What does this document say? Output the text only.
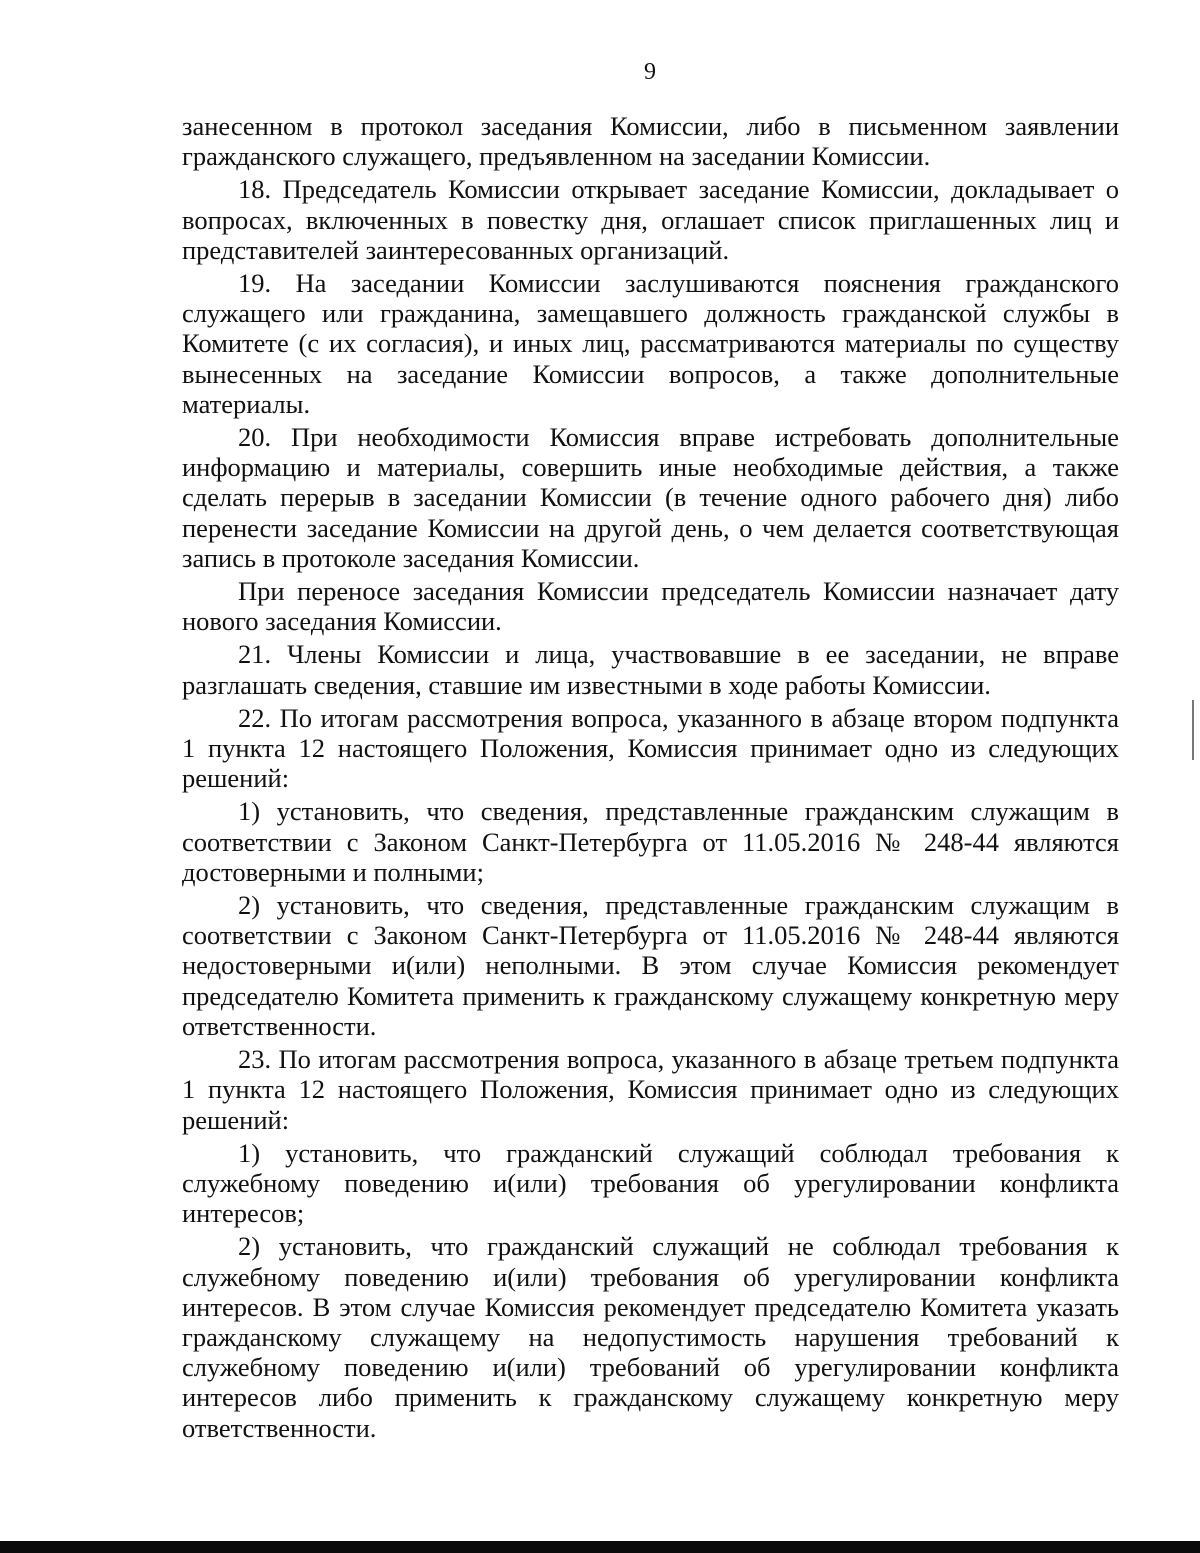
9

занесенном в протокол заседания Комиссии, либо в письменном заявлении гражданского служащего, предъявленном на заседании Комиссии.

18. Председатель Комиссии открывает заседание Комиссии, докладывает о вопросах, включенных в повестку дня, оглашает список приглашенных лиц и представителей заинтересованных организаций.

19. На заседании Комиссии заслушиваются пояснения гражданского служащего или гражданина, замещавшего должность гражданской службы в Комитете (с их согласия), и иных лиц, рассматриваются материалы по существу вынесенных на заседание Комиссии вопросов, а также дополнительные материалы.

20. При необходимости Комиссия вправе истребовать дополнительные информацию и материалы, совершить иные необходимые действия, а также сделать перерыв в заседании Комиссии (в течение одного рабочего дня) либо перенести заседание Комиссии на другой день, о чем делается соответствующая запись в протоколе заседания Комиссии.

При переносе заседания Комиссии председатель Комиссии назначает дату нового заседания Комиссии.

21. Члены Комиссии и лица, участвовавшие в ее заседании, не вправе разглашать сведения, ставшие им известными в ходе работы Комиссии.

22. По итогам рассмотрения вопроса, указанного в абзаце втором подпункта 1 пункта 12 настоящего Положения, Комиссия принимает одно из следующих решений:

1) установить, что сведения, представленные гражданским служащим в соответствии с Законом Санкт-Петербурга от 11.05.2016 № 248-44 являются достоверными и полными;

2) установить, что сведения, представленные гражданским служащим в соответствии с Законом Санкт-Петербурга от 11.05.2016 № 248-44 являются недостоверными и(или) неполными. В этом случае Комиссия рекомендует председателю Комитета применить к гражданскому служащему конкретную меру ответственности.

23. По итогам рассмотрения вопроса, указанного в абзаце третьем подпункта 1 пункта 12 настоящего Положения, Комиссия принимает одно из следующих решений:

1) установить, что гражданский служащий соблюдал требования к служебному поведению и(или) требования об урегулировании конфликта интересов;

2) установить, что гражданский служащий не соблюдал требования к служебному поведению и(или) требования об урегулировании конфликта интересов. В этом случае Комиссия рекомендует председателю Комитета указать гражданскому служащему на недопустимость нарушения требований к служебному поведению и(или) требований об урегулировании конфликта интересов либо применить к гражданскому служащему конкретную меру ответственности.
